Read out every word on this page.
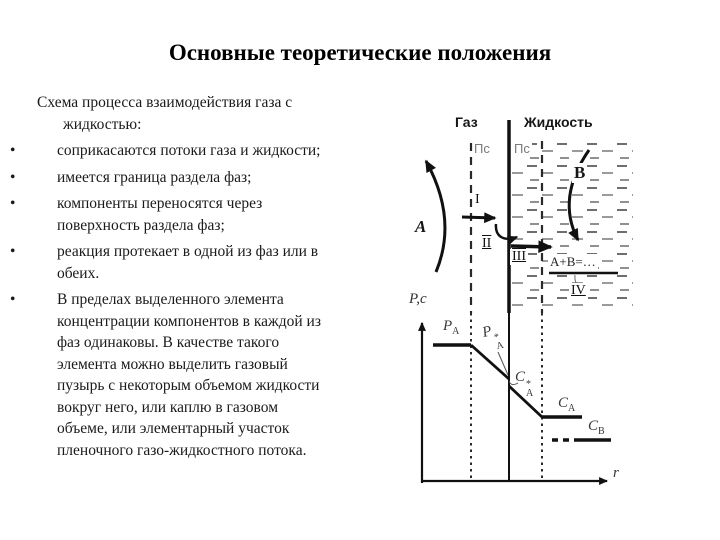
Основные теоретические положения
Схема процесса взаимодействия газа с
жидкостью:
•	соприкасаются потоки газа и жидкости;
•	имеется граница раздела фаз;
•	компоненты переносятся через
поверхность раздела фаз;
•	реакция протекает в одной из фаз или в
обеих.
•	В пределах выделенного элемента
концентрации компонентов в каждой из
фаз одинаковы. В качестве такого
элемента можно выделить газовый
пузырь с некоторым объемом жидкости
вокруг него, или каплю в газовом
объеме, или элементарный участок
пленочного газо-жидкостного потока.
Газ	Жидкость
Пс Пс
А
В
I
II
III
IV
А+В=…
P,c
r
$P_A$ P *
A
C *
A
$C_A$
$C_B$
